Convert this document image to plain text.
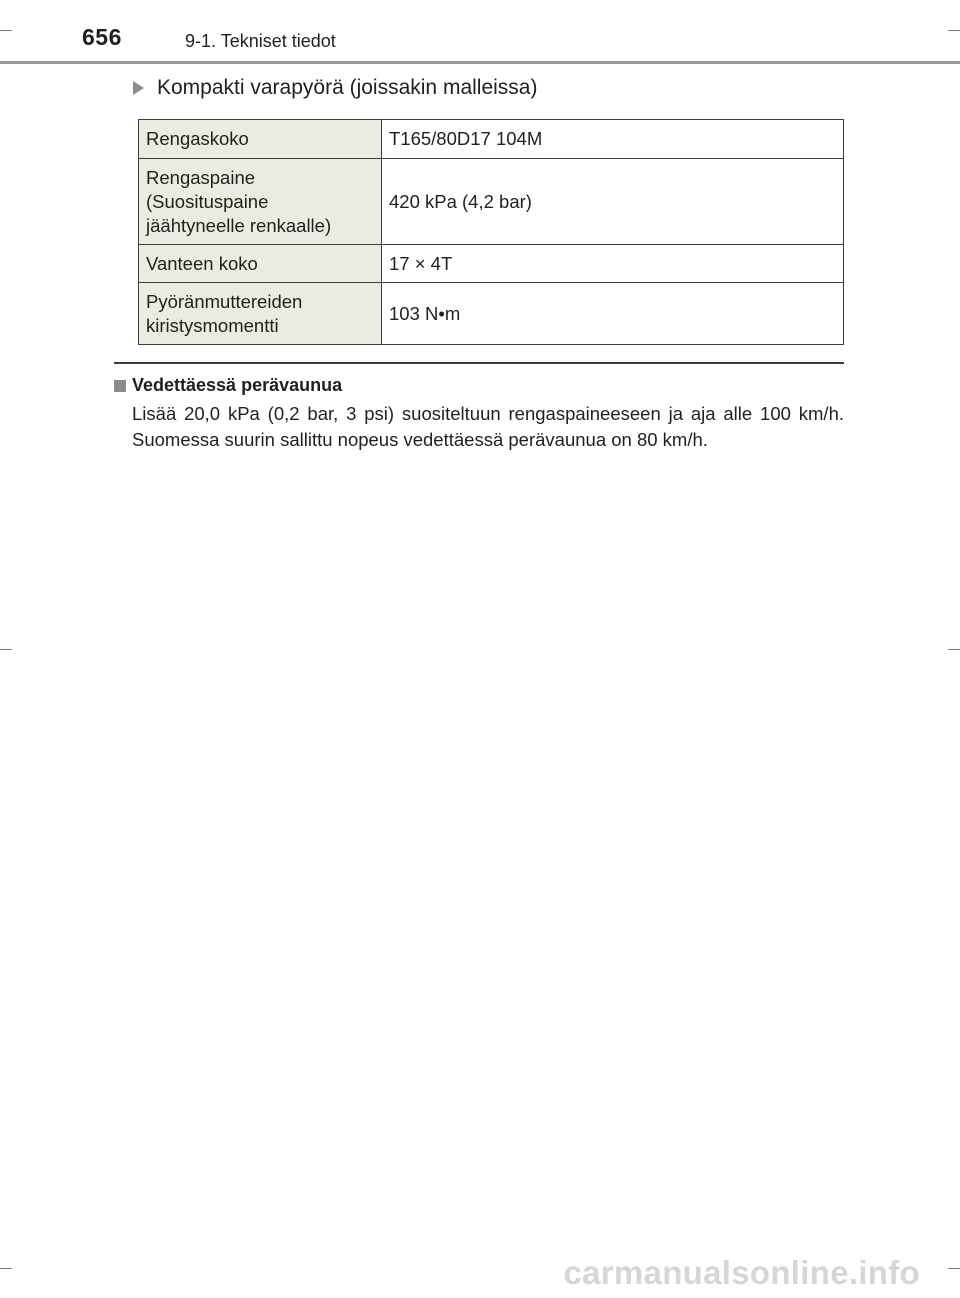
656	9-1. Tekniset tiedot
Kompakti varapyörä (joissakin malleissa)
Rengaskoko	T165/80D17 104M
Rengaspaine
(Suosituspaine
jäähtyneelle renkaalle)	420 kPa (4,2 bar)
Vanteen koko	17 × 4T
Pyöränmuttereiden
kiristysmomentti	103 N•m
Vedettäessä perävaunua
Lisää 20,0 kPa (0,2 bar, 3 psi) suositeltuun rengaspaineeseen ja aja alle 100 km/h. Suomessa suurin sallittu nopeus vedettäessä perävaunua on 80 km/h.
carmanualsonline.info
